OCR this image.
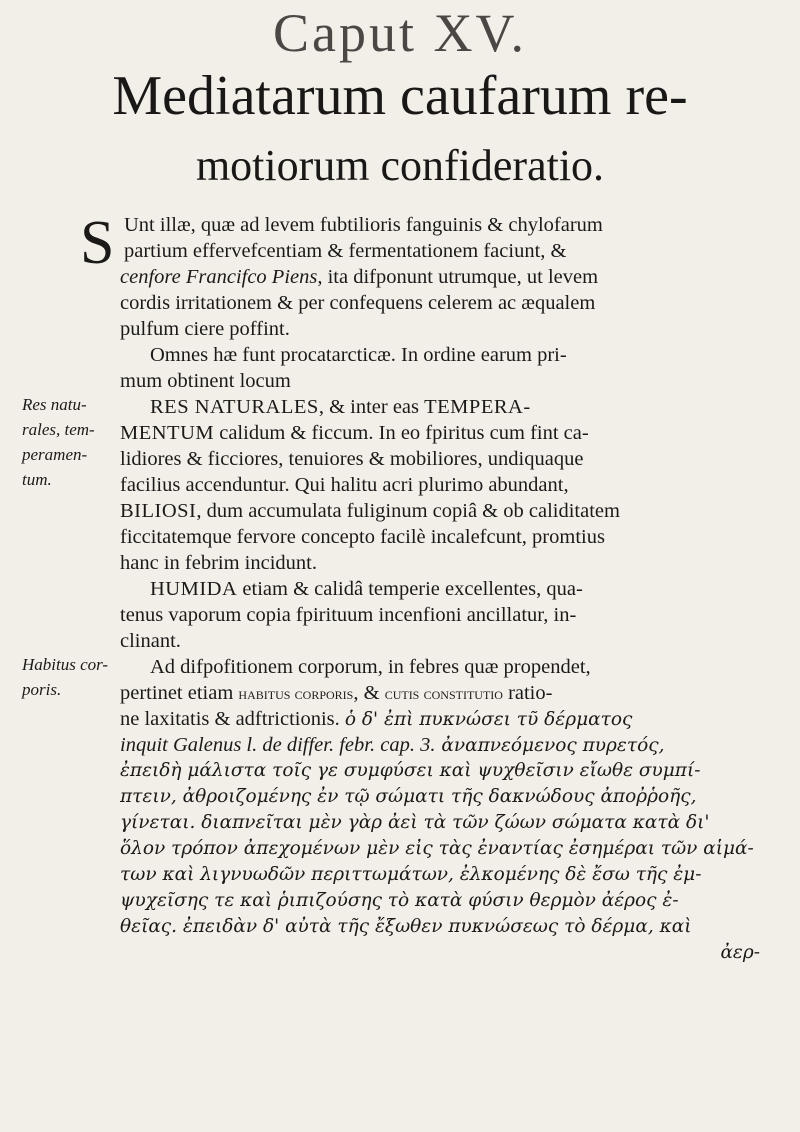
Caput XV.
Mediatarum caufarum re-
motiorum confideratio.
S Unt illæ, quæ ad levem fubtilioris fanguinis & chylofarum
partium effervefcentiam & fermentationem faciunt, &
cenfore Francifco Piens, ita difponunt utrumque, ut levem
cordis irritationem & per confequens celerem ac æqualem
pulfum ciere poffint.
Omnes hæ funt procatarcticæ. In ordine earum pri-
mum obtinent locum
Res natu-
rales, tem-
peramen-
tum.
RES NATURALES, & inter eas TEMPERA-
MENTUM calidum & ficcum. In eo fpiritus cum fint ca-
lidiores & ficciores, tenuiores & mobiliores, undiquaque
facilius accenduntur. Qui halitu acri plurimo abundant,
BILIOSI, dum accumulata fuliginum copiâ & ob caliditatem
ficcitatemque fervore concepto facilè incalefcunt, promtius
hanc in febrim incidunt.
HUMIDA etiam & calidâ temperie excellentes, qua-
tenus vaporum copia fpirituum incenfioni ancillatur, in-
clinant.
Habitus cor-
poris.
Ad difpofitionem corporum, in febres quæ propendet,
pertinet etiam habitus corporis, & cutis constitutio ratio-
ne laxitatis & adftrictionis. ὁ δ' ἐπὶ πυκνώσει τῦ δέρματος
inquit Galenus l. de differ. febr. cap. 3. ἀναπνεόμενος πυρετός,
ἐπειδὴ μάλιστα τοῖς γε συμφύσει καὶ ψυχθεῖσιν εἴωθε συμπί-
πτειν, ἀθροιζομένης ἐν τῷ σώματι τῆς δακνώδους ἀποῤῥοῆς,
γίνεται. διαπνεῖται μὲν γὰρ ἀεὶ τὰ τῶν ζώων σώματα κατὰ δι'
ὅλον τρόπον ἀπεχομένων μὲν εἰς τὰς ἐναντίας ἐσημέραι τῶν αἱμά-
των καὶ λιγνυωδῶν περιττωμάτων, ἐλκομένης δὲ ἔσω τῆς ἐμ-
ψυχεῖσης τε καὶ ῥιπιζούσης τὸ κατὰ φύσιν θερμὸν ἀέρος ἐ-
θεῖας. ἐπειδὰν δ' αὐτὰ τῆς ἔξωθεν πυκνώσεως τὸ δέρμα, καὶ
ἀερ-
